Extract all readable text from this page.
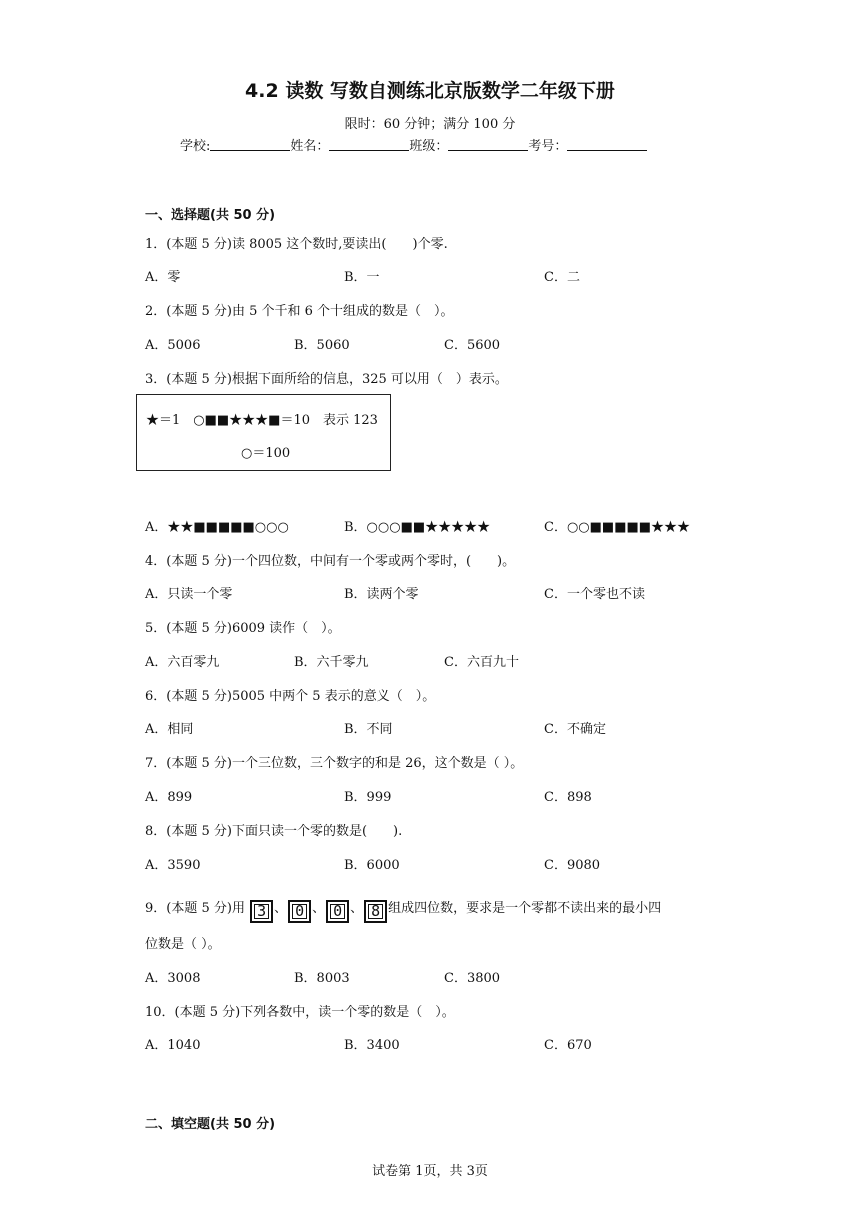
4.2 读数 写数自测练北京版数学二年级下册
限时：60 分钟；满分 100 分
学校:	姓名：	班级：	考号：
一、选择题(共 50 分)
1．(本题 5 分)读 8005 这个数时,要读出(　　)个零.
A．零	B．一	C．二
2．(本题 5 分)由 5 个千和 6 个十组成的数是（　）。
A．5006	B．5060	C．5600
3．(本题 5 分)根据下面所给的信息，325 可以用（　）表示。
★＝1　○■■★★★■＝10　表示 123
○＝100
A．★★■■■■■○○○	B．○○○■■★★★★★	C．○○■■■■■★★★
4．(本题 5 分)一个四位数，中间有一个零或两个零时，(　　)。
A．只读一个零	B．读两个零	C．一个零也不读
5．(本题 5 分)6009 读作（　）。
A．六百零九	B．六千零九	C．六百九十
6．(本题 5 分)5005 中两个 5 表示的意义（　）。
A．相同	B．不同	C．不确定
7．(本题 5 分)一个三位数，三个数字的和是 26，这个数是（ ）。
A．899	B．999	C．898
8．(本题 5 分)下面只读一个零的数是(　　).
A．3590	B．6000	C．9080
9．(本题 5 分)用 3 、 0 、 0 、 8 组成四位数，要求是一个零都不读出来的最小四
位数是（ ）。
A．3008	B．8003	C．3800
10．(本题 5 分)下列各数中，读一个零的数是（　）。
A．1040	B．3400	C．670
二、填空题(共 50 分)
试卷第 1页，共 3页
